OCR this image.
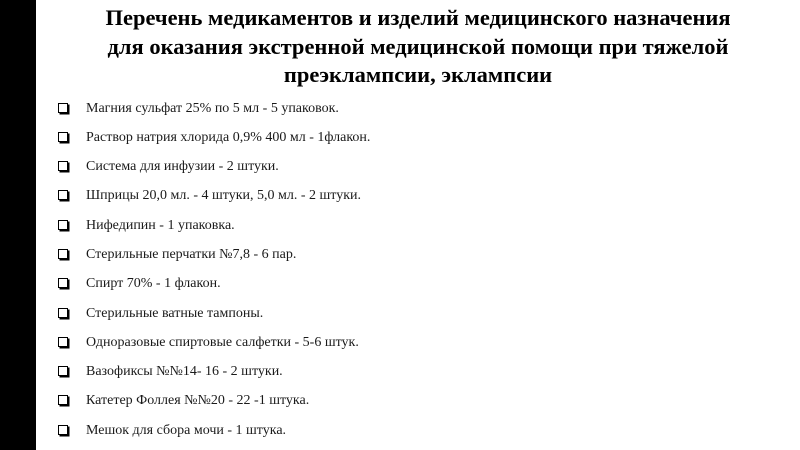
Перечень медикаментов и изделий медицинского назначения
для оказания экстренной медицинской помощи при тяжелой
преэклампсии, эклампсии
Магния сульфат 25% по 5 мл - 5 упаковок.
Раствор натрия хлорида 0,9% 400 мл - 1флакон.
Система для инфузии - 2 штуки.
Шприцы 20,0 мл. - 4 штуки, 5,0 мл. - 2 штуки.
Нифедипин - 1 упаковка.
Стерильные перчатки №7,8 - 6 пар.
Спирт 70% - 1 флакон.
Стерильные ватные тампоны.
Одноразовые спиртовые салфетки - 5-6 штук.
Вазофиксы №№14- 16 - 2 штуки.
Катетер Фоллея №№20 - 22 -1 штука.
Мешок для сбора мочи - 1 штука.
